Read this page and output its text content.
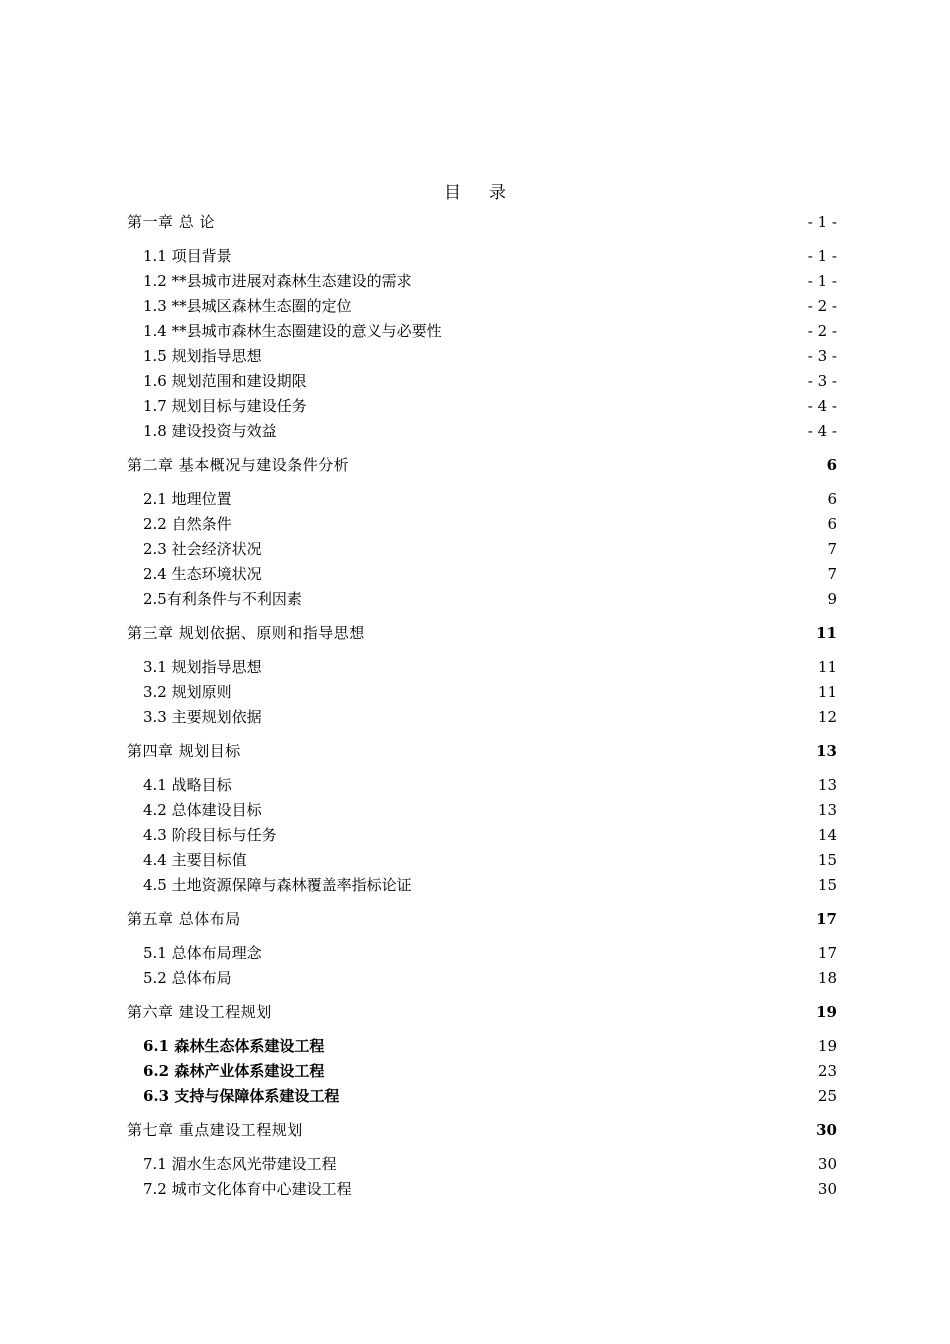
目 录
第一章 总 论	- 1 -
1.1 项目背景	- 1 -
1.2 **县城市进展对森林生态建设的需求	- 1 -
1.3 **县城区森林生态圈的定位	- 2 -
1.4 **县城市森林生态圈建设的意义与必要性	- 2 -
1.5 规划指导思想	- 3 -
1.6 规划范围和建设期限	- 3 -
1.7 规划目标与建设任务	- 4 -
1.8 建设投资与效益	- 4 -
第二章 基本概况与建设条件分析	6
2.1 地理位置	6
2.2 自然条件	6
2.3 社会经济状况	7
2.4 生态环境状况	7
2.5有利条件与不利因素	9
第三章 规划依据、原则和指导思想	11
3.1 规划指导思想	11
3.2 规划原则	11
3.3 主要规划依据	12
第四章 规划目标	13
4.1 战略目标	13
4.2 总体建设目标	13
4.3 阶段目标与任务	14
4.4 主要目标值	15
4.5 土地资源保障与森林覆盖率指标论证	15
第五章 总体布局	17
5.1 总体布局理念	17
5.2 总体布局	18
第六章 建设工程规划	19
6.1 森林生态体系建设工程	19
6.2 森林产业体系建设工程	23
6.3 支持与保障体系建设工程	25
第七章 重点建设工程规划	30
7.1 湄水生态风光带建设工程	30
7.2 城市文化体育中心建设工程	30
